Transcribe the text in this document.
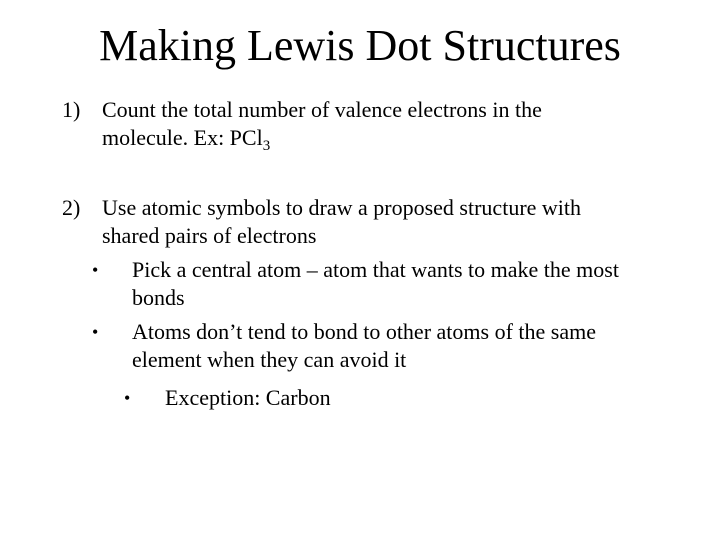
Making Lewis Dot Structures
1) Count the total number of valence electrons in the molecule. Ex: PCl$_3$
2) Use atomic symbols to draw a proposed structure with shared pairs of electrons
• Pick a central atom – atom that wants to make the most bonds
• Atoms don’t tend to bond to other atoms of the same element when they can avoid it
• Exception: Carbon
